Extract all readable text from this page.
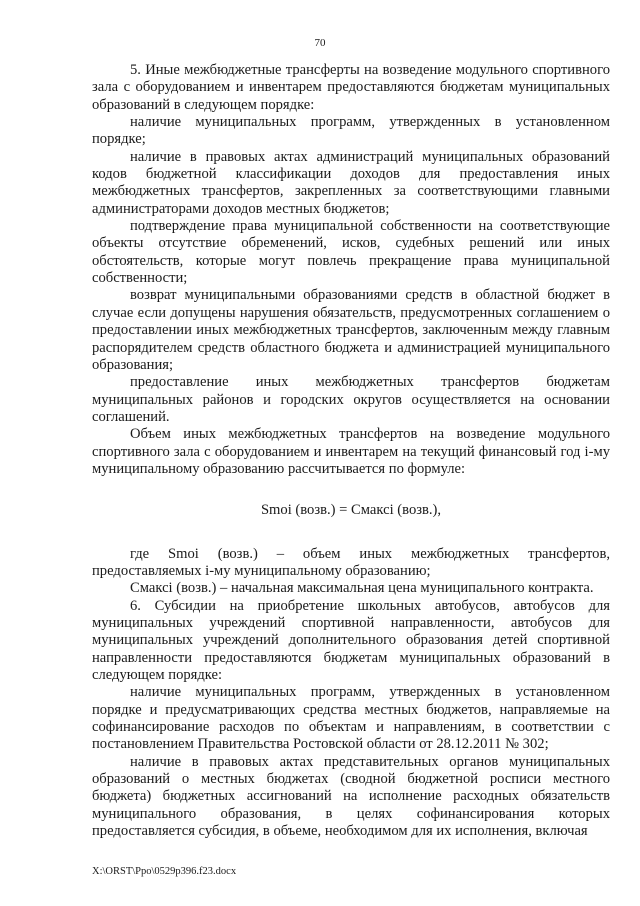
70

5. Иные межбюджетные трансферты на возведение модульного спортивного зала с оборудованием и инвентарем предоставляются бюджетам муниципальных образований в следующем порядке:

наличие муниципальных программ, утвержденных в установленном порядке;

наличие в правовых актах администраций муниципальных образований кодов бюджетной классификации доходов для предоставления иных межбюджетных трансфертов, закрепленных за соответствующими главными администраторами доходов местных бюджетов;

подтверждение права муниципальной собственности на соответствующие объекты отсутствие обременений, исков, судебных решений или иных обстоятельств, которые могут повлечь прекращение права муниципальной собственности;

возврат муниципальными образованиями средств в областной бюджет в случае если допущены нарушения обязательств, предусмотренных соглашением о предоставлении иных межбюджетных трансфертов, заключенным между главным распорядителем средств областного бюджета и администрацией муниципального образования;

предоставление иных межбюджетных трансфертов бюджетам муниципальных районов и городских округов осуществляется на основании соглашений.

Объем иных межбюджетных трансфертов на возведение модульного спортивного зала с оборудованием и инвентарем на текущий финансовый год i-му муниципальному образованию рассчитывается по формуле:

Smoi (возв.) = Cмаксi (возв.),

где Smoi (возв.) – объем иных межбюджетных трансфертов, предоставляемых i-му муниципальному образованию;

Cмаксi (возв.) – начальная максимальная цена муниципального контракта.

6. Субсидии на приобретение школьных автобусов, автобусов для муниципальных учреждений спортивной направленности, автобусов для муниципальных учреждений дополнительного образования детей спортивной направленности предоставляются бюджетам муниципальных образований в следующем порядке:

наличие муниципальных программ, утвержденных в установленном порядке и предусматривающих средства местных бюджетов, направляемые на софинансирование расходов по объектам и направлениям, в соответствии с постановлением Правительства Ростовской области от 28.12.2011 № 302;

наличие в правовых актах представительных органов муниципальных образований о местных бюджетах (сводной бюджетной росписи местного бюджета) бюджетных ассигнований на исполнение расходных обязательств муниципального образования, в целях софинансирования которых предоставляется субсидия, в объеме, необходимом для их исполнения, включая

X:\ORST\Ppo\0529p396.f23.docx
